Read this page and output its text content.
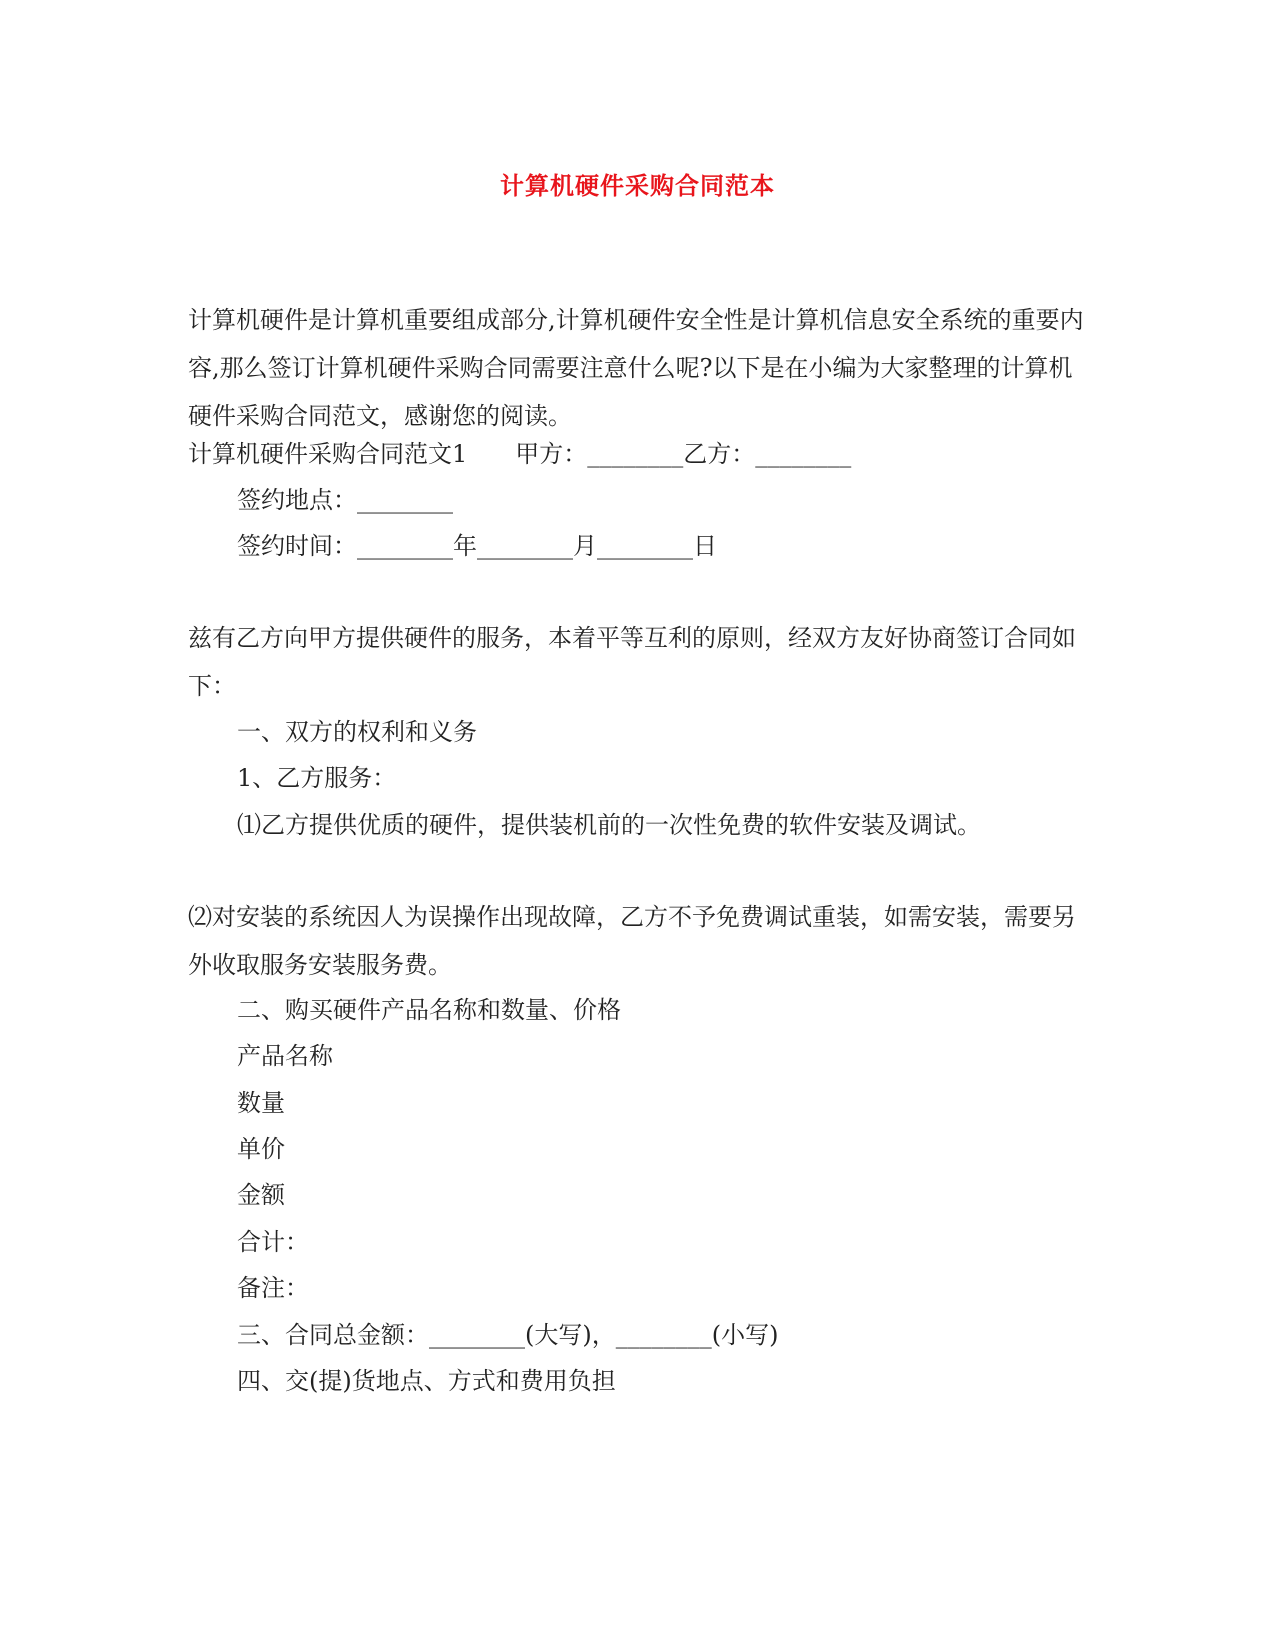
计算机硬件采购合同范本

计算机硬件是计算机重要组成部分,计算机硬件安全性是计算机信息安全系统的重要内容,那么签订计算机硬件采购合同需要注意什么呢?以下是在小编为大家整理的计算机硬件采购合同范文，感谢您的阅读。

计算机硬件采购合同范文1　　甲方：________乙方：________

签约地点：________

签约时间：________年________月________日

兹有乙方向甲方提供硬件的服务，本着平等互利的原则，经双方友好协商签订合同如下：

一、双方的权利和义务

1、乙方服务：

⑴乙方提供优质的硬件，提供装机前的一次性免费的软件安装及调试。

⑵对安装的系统因人为误操作出现故障，乙方不予免费调试重装，如需安装，需要另外收取服务安装服务费。

二、购买硬件产品名称和数量、价格

产品名称

数量

单价

金额

合计：

备注：

三、合同总金额：________(大写)，________(小写)

四、交(提)货地点、方式和费用负担
